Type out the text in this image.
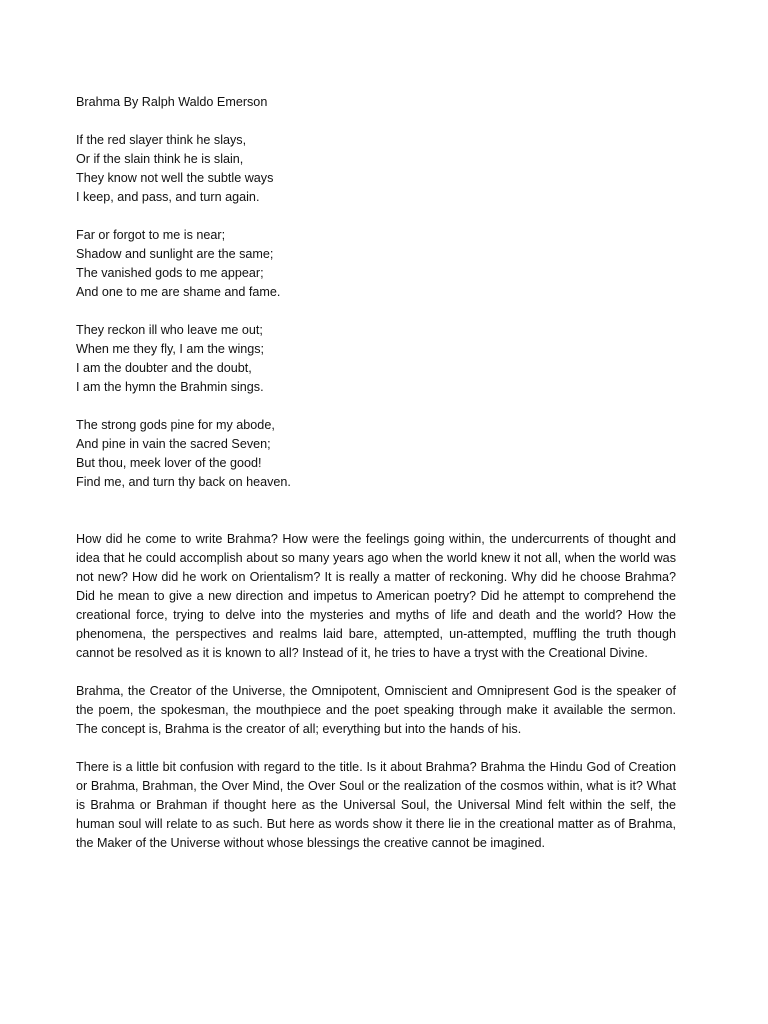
Brahma By Ralph Waldo Emerson
If the red slayer think he slays,
Or if the slain think he is slain,
They know not well the subtle ways
I keep, and pass, and turn again.
Far or forgot to me is near;
Shadow and sunlight are the same;
The vanished gods to me appear;
And one to me are shame and fame.
They reckon ill who leave me out;
When me they fly, I am the wings;
I am the doubter and the doubt,
I am the hymn the Brahmin sings.
The strong gods pine for my abode,
And pine in vain the sacred Seven;
But thou, meek lover of the good!
Find me, and turn thy back on heaven.

How did he come to write Brahma? How were the feelings going within, the undercurrents of thought and idea that he could accomplish about so many years ago when the world knew it not all, when the world was not new? How did he work on Orientalism? It is really a matter of reckoning. Why did he choose Brahma? Did he mean to give a new direction and impetus to American poetry? Did he attempt to comprehend the creational force, trying to delve into the mysteries and myths of life and death and the world? How the phenomena, the perspectives and realms laid bare, attempted, un-attempted, muffling the truth though cannot be resolved as it is known to all? Instead of it, he tries to have a tryst with the Creational Divine.

Brahma, the Creator of the Universe, the Omnipotent, Omniscient and Omnipresent God is the speaker of the poem, the spokesman, the mouthpiece and the poet speaking through make it available the sermon. The concept is, Brahma is the creator of all; everything but into the hands of his.

There is a little bit confusion with regard to the title. Is it about Brahma? Brahma the Hindu God of Creation or Brahma, Brahman, the Over Mind, the Over Soul or the realization of the cosmos within, what is it? What is Brahma or Brahman if thought here as the Universal Soul, the Universal Mind felt within the self, the human soul will relate to as such. But here as words show it there lie in the creational matter as of Brahma, the Maker of the Universe without whose blessings the creative cannot be imagined.
